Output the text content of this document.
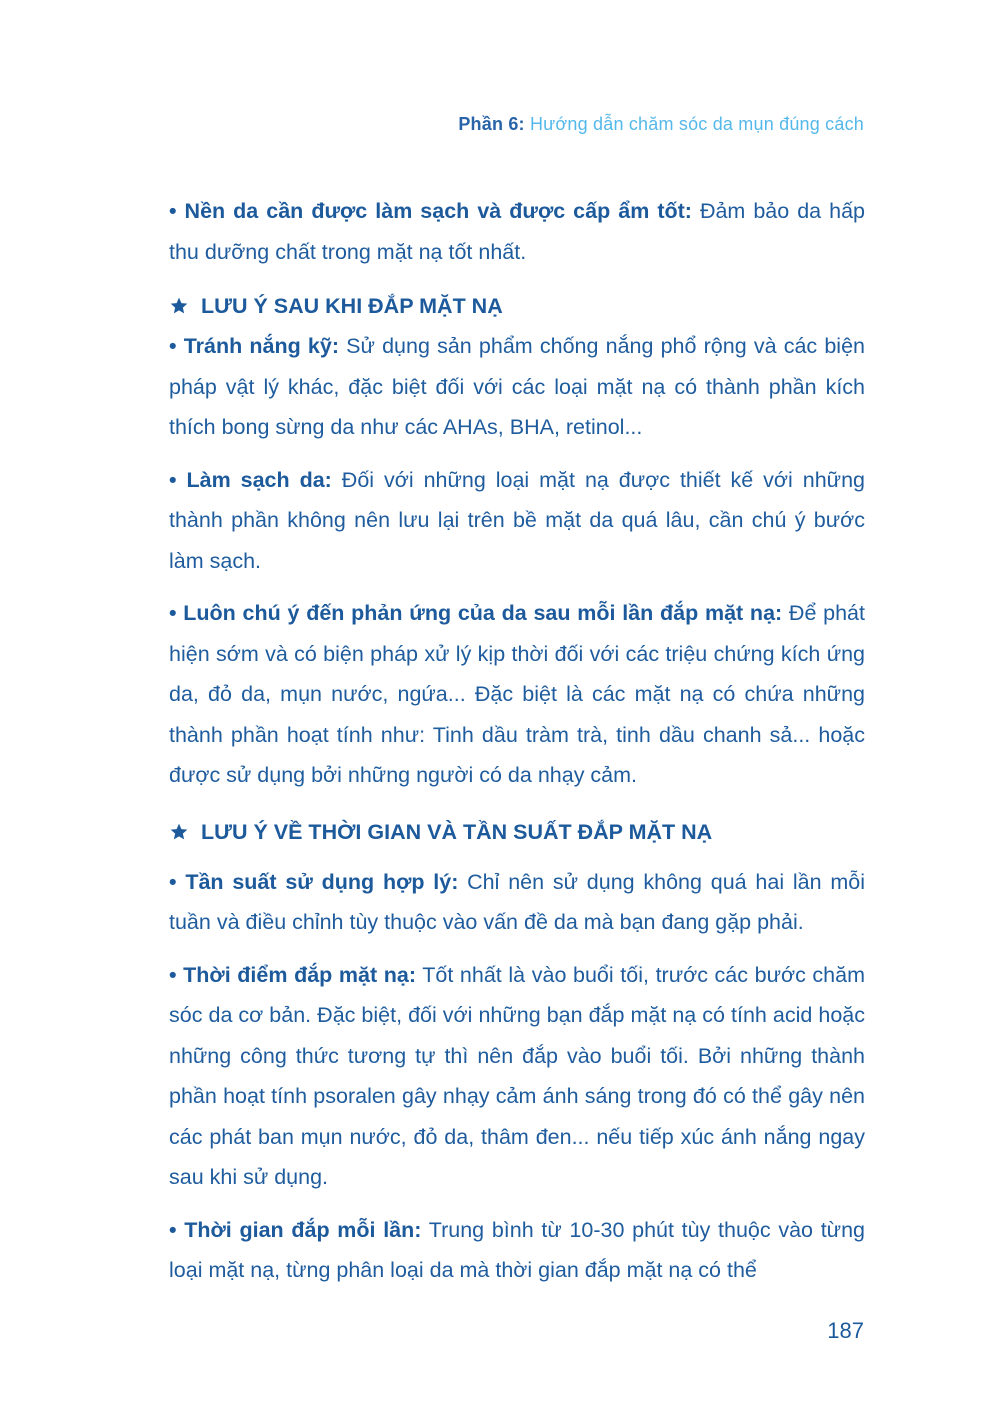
Phần 6: Hướng dẫn chăm sóc da mụn đúng cách

• Nền da cần được làm sạch và được cấp ẩm tốt: Đảm bảo da hấp thu dưỡng chất trong mặt nạ tốt nhất.

LƯU Ý SAU KHI ĐẮP MẶT NẠ

• Tránh nắng kỹ: Sử dụng sản phẩm chống nắng phổ rộng và các biện pháp vật lý khác, đặc biệt đối với các loại mặt nạ có thành phần kích thích bong sừng da như các AHAs, BHA, retinol...

• Làm sạch da: Đối với những loại mặt nạ được thiết kế với những thành phần không nên lưu lại trên bề mặt da quá lâu, cần chú ý bước làm sạch.

• Luôn chú ý đến phản ứng của da sau mỗi lần đắp mặt nạ: Để phát hiện sớm và có biện pháp xử lý kịp thời đối với các triệu chứng kích ứng da, đỏ da, mụn nước, ngứa... Đặc biệt là các mặt nạ có chứa những thành phần hoạt tính như: Tinh dầu tràm trà, tinh dầu chanh sả... hoặc được sử dụng bởi những người có da nhạy cảm.

LƯU Ý VỀ THỜI GIAN VÀ TẦN SUẤT ĐẮP MẶT NẠ

• Tần suất sử dụng hợp lý: Chỉ nên sử dụng không quá hai lần mỗi tuần và điều chỉnh tùy thuộc vào vấn đề da mà bạn đang gặp phải.

• Thời điểm đắp mặt nạ: Tốt nhất là vào buổi tối, trước các bước chăm sóc da cơ bản. Đặc biệt, đối với những bạn đắp mặt nạ có tính acid hoặc những công thức tương tự thì nên đắp vào buổi tối. Bởi những thành phần hoạt tính psoralen gây nhạy cảm ánh sáng trong đó có thể gây nên các phát ban mụn nước, đỏ da, thâm đen... nếu tiếp xúc ánh nắng ngay sau khi sử dụng.

• Thời gian đắp mỗi lần: Trung bình từ 10-30 phút tùy thuộc vào từng loại mặt nạ, từng phân loại da mà thời gian đắp mặt nạ có thể

187
